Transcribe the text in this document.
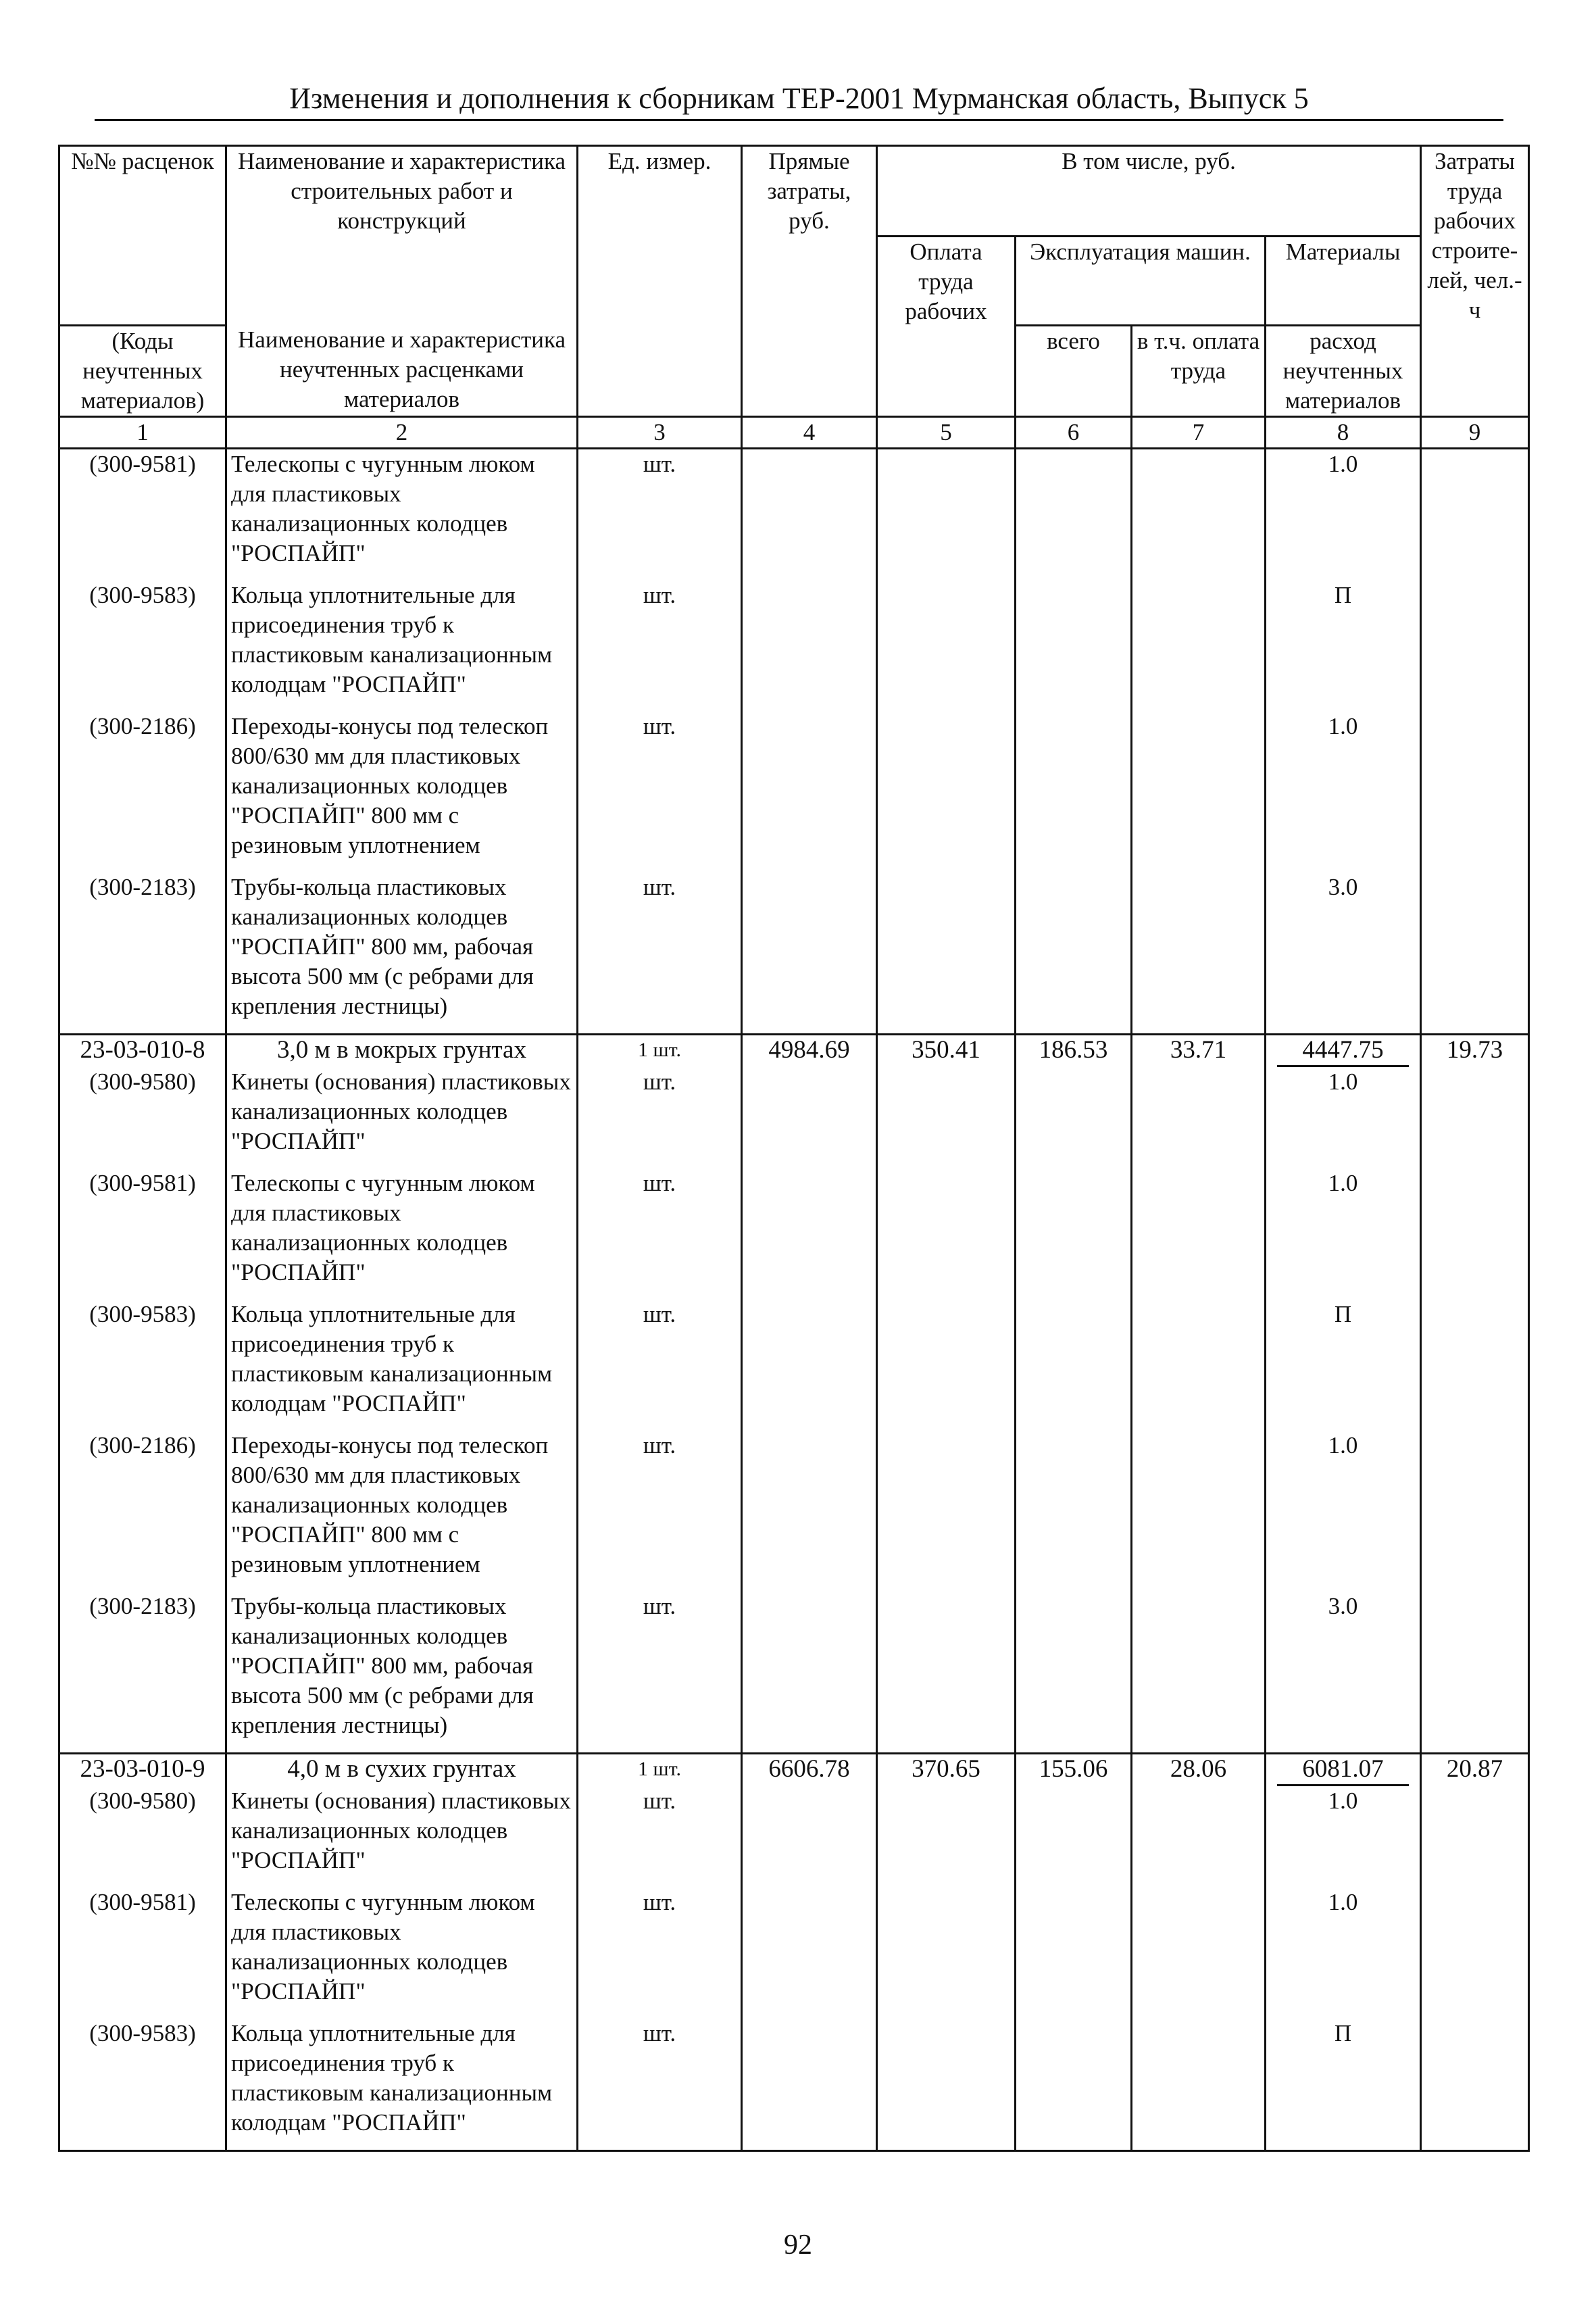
Изменения и дополнения к сборникам ТЕР-2001 Мурманская область, Выпуск 5
№№ расценок	Наименование и характеристика строительных работ и конструкций	Ед. измер.	Прямые затраты, руб.	В том числе, руб.				Затраты труда рабочих строите-лей, чел.-ч
				Оплата труда рабочих	Эксплуатация машин.		Материалы	
(Коды неучтенных материалов)	Наименование и характеристика неучтенных расценками материалов				всего	в т.ч. оплата труда	расход неучтенных материалов	
1	2	3	4	5	6	7	8	9
(300-9581)	Телескопы с чугунным люком для пластиковых канализационных колодцев "РОСПАЙП"	шт.					1.0	
(300-9583)	Кольца уплотнительные для присоединения труб к пластиковым канализационным колодцам "РОСПАЙП"	шт.					П	
(300-2186)	Переходы-конусы под телескоп 800/630 мм для пластиковых канализационных колодцев "РОСПАЙП" 800 мм с резиновым уплотнением	шт.					1.0	
(300-2183)	Трубы-кольца пластиковых канализационных колодцев "РОСПАЙП" 800 мм, рабочая высота 500 мм (с ребрами для крепления лестницы)	шт.					3.0	
23-03-010-8	3,0 м в мокрых грунтах	1 шт.	4984.69	350.41	186.53	33.71	4447.75	19.73
(300-9580)	Кинеты (основания) пластиковых канализационных колодцев "РОСПАЙП"	шт.					1.0	
(300-9581)	Телескопы с чугунным люком для пластиковых канализационных колодцев "РОСПАЙП"	шт.					1.0	
(300-9583)	Кольца уплотнительные для присоединения труб к пластиковым канализационным колодцам "РОСПАЙП"	шт.					П	
(300-2186)	Переходы-конусы под телескоп 800/630 мм для пластиковых канализационных колодцев "РОСПАЙП" 800 мм с резиновым уплотнением	шт.					1.0	
(300-2183)	Трубы-кольца пластиковых канализационных колодцев "РОСПАЙП" 800 мм, рабочая высота 500 мм (с ребрами для крепления лестницы)	шт.					3.0	
23-03-010-9	4,0 м в сухих грунтах	1 шт.	6606.78	370.65	155.06	28.06	6081.07	20.87
(300-9580)	Кинеты (основания) пластиковых канализационных колодцев "РОСПАЙП"	шт.					1.0	
(300-9581)	Телескопы с чугунным люком для пластиковых канализационных колодцев "РОСПАЙП"	шт.					1.0	
(300-9583)	Кольца уплотнительные для присоединения труб к пластиковым канализационным колодцам "РОСПАЙП"	шт.					П	

92
